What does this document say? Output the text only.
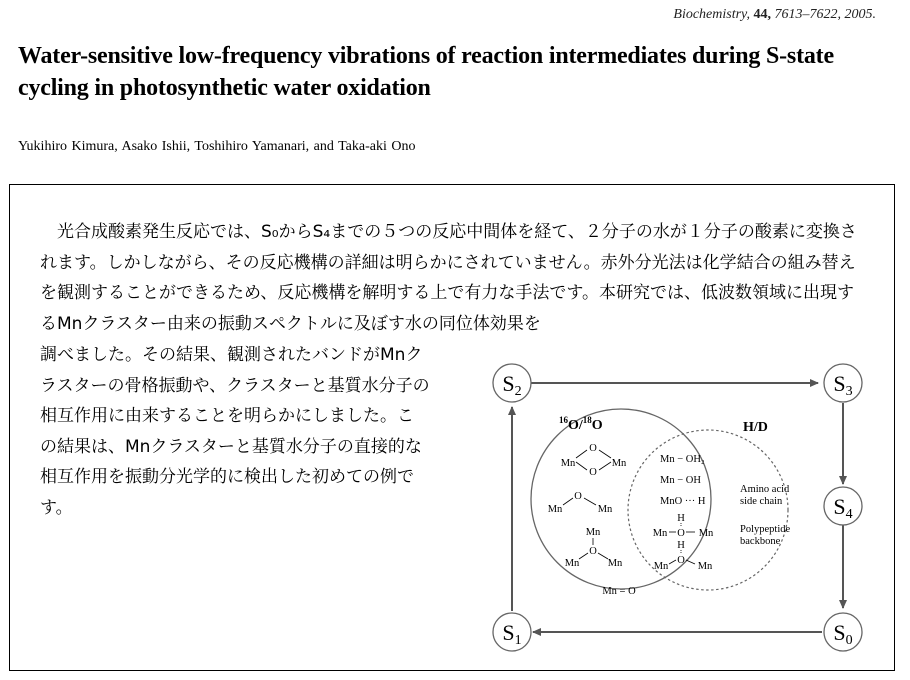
Biochemistry, 44, 7613–7622, 2005.
Water-sensitive low-frequency vibrations of reaction intermediates during S-state cycling in photosynthetic water oxidation
Yukihiro Kimura, Asako Ishii, Toshihiro Yamanari, and Taka-aki Ono
光合成酸素発生反応では、S₀からS₄までの５つの反応中間体を経て、２分子の水が１分子の酸素に変換されます。しかしながら、その反応機構の詳細は明らかにされていません。赤外分光法は化学結合の組み替えを観測することができるため、反応機構を解明する上で有力な手法です。本研究では、低波数領域に出現するMnクラスター由来の振動スペクトルに及ぼす水の同位体効果を
調べました。その結果、観測されたバンドがMnクラスターの骨格振動や、クラスターと基質水分子の相互作用に由来することを明らかにしました。この結果は、Mnクラスターと基質水分子の直接的な相互作用を振動分光学的に検出した初めての例です。
S2	S3
S4
S0
S1
$^{16}$O/$^{18}$O	H/D
O
O
Mn	Mn
O
Mn	Mn
Mn
O
Mn	Mn
Mn = O
Mn − OH₂
Mn − OH
MnO ··· H
H
O
Mn	Mn
H
O
Mn	Mn
Amino acid
side chain
Polypeptide
backbone
